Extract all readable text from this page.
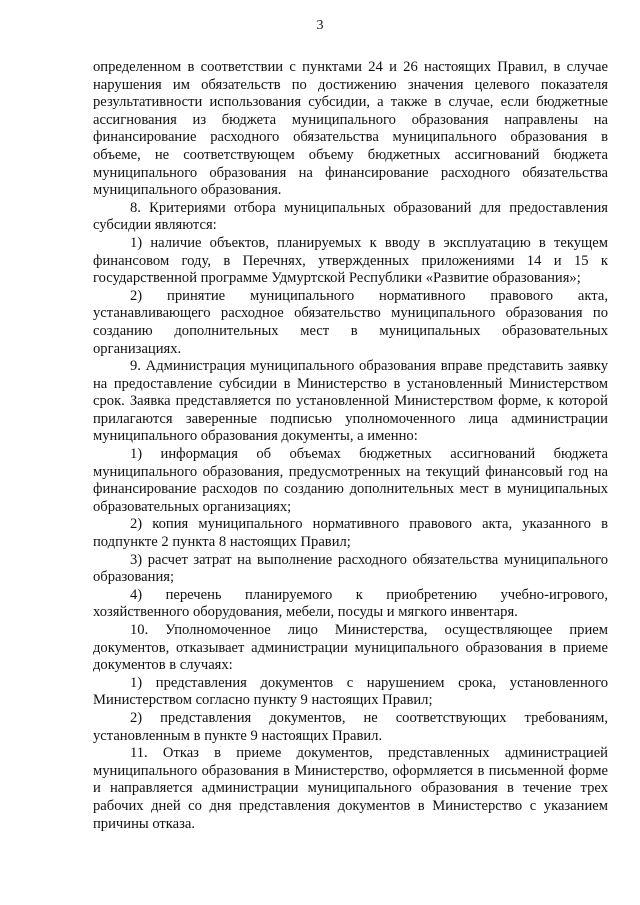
3

определенном в соответствии с пунктами 24 и 26 настоящих Правил, в случае нарушения им обязательств по достижению значения целевого показателя результативности использования субсидии, а также в случае, если бюджетные ассигнования из бюджета муниципального образования направлены на финансирование расходного обязательства муниципального образования в объеме, не соответствующем объему бюджетных ассигнований бюджета муниципального образования на финансирование расходного обязательства муниципального образования.

8. Критериями отбора муниципальных образований для предоставления субсидии являются:

1) наличие объектов, планируемых к вводу в эксплуатацию в текущем финансовом году, в Перечнях, утвержденных приложениями 14 и 15 к государственной программе Удмуртской Республики «Развитие образования»;

2) принятие муниципального нормативного правового акта, устанавливающего расходное обязательство муниципального образования по созданию дополнительных мест в муниципальных образовательных организациях.

9. Администрация муниципального образования вправе представить заявку на предоставление субсидии в Министерство в установленный Министерством срок. Заявка представляется по установленной Министерством форме, к которой прилагаются заверенные подписью уполномоченного лица администрации муниципального образования документы, а именно:

1) информация об объемах бюджетных ассигнований бюджета муниципального образования, предусмотренных на текущий финансовый год на финансирование расходов по созданию дополнительных мест в муниципальных образовательных организациях;

2) копия муниципального нормативного правового акта, указанного в подпункте 2 пункта 8 настоящих Правил;

3) расчет затрат на выполнение расходного обязательства муниципального образования;

4) перечень планируемого к приобретению учебно-игрового, хозяйственного оборудования, мебели, посуды и мягкого инвентаря.

10. Уполномоченное лицо Министерства, осуществляющее прием документов, отказывает администрации муниципального образования в приеме документов в случаях:

1) представления документов с нарушением срока, установленного Министерством согласно пункту 9 настоящих Правил;

2) представления документов, не соответствующих требованиям, установленным в пункте 9 настоящих Правил.

11. Отказ в приеме документов, представленных администрацией муниципального образования в Министерство, оформляется в письменной форме и направляется администрации муниципального образования в течение трех рабочих дней со дня представления документов в Министерство с указанием причины отказа.
